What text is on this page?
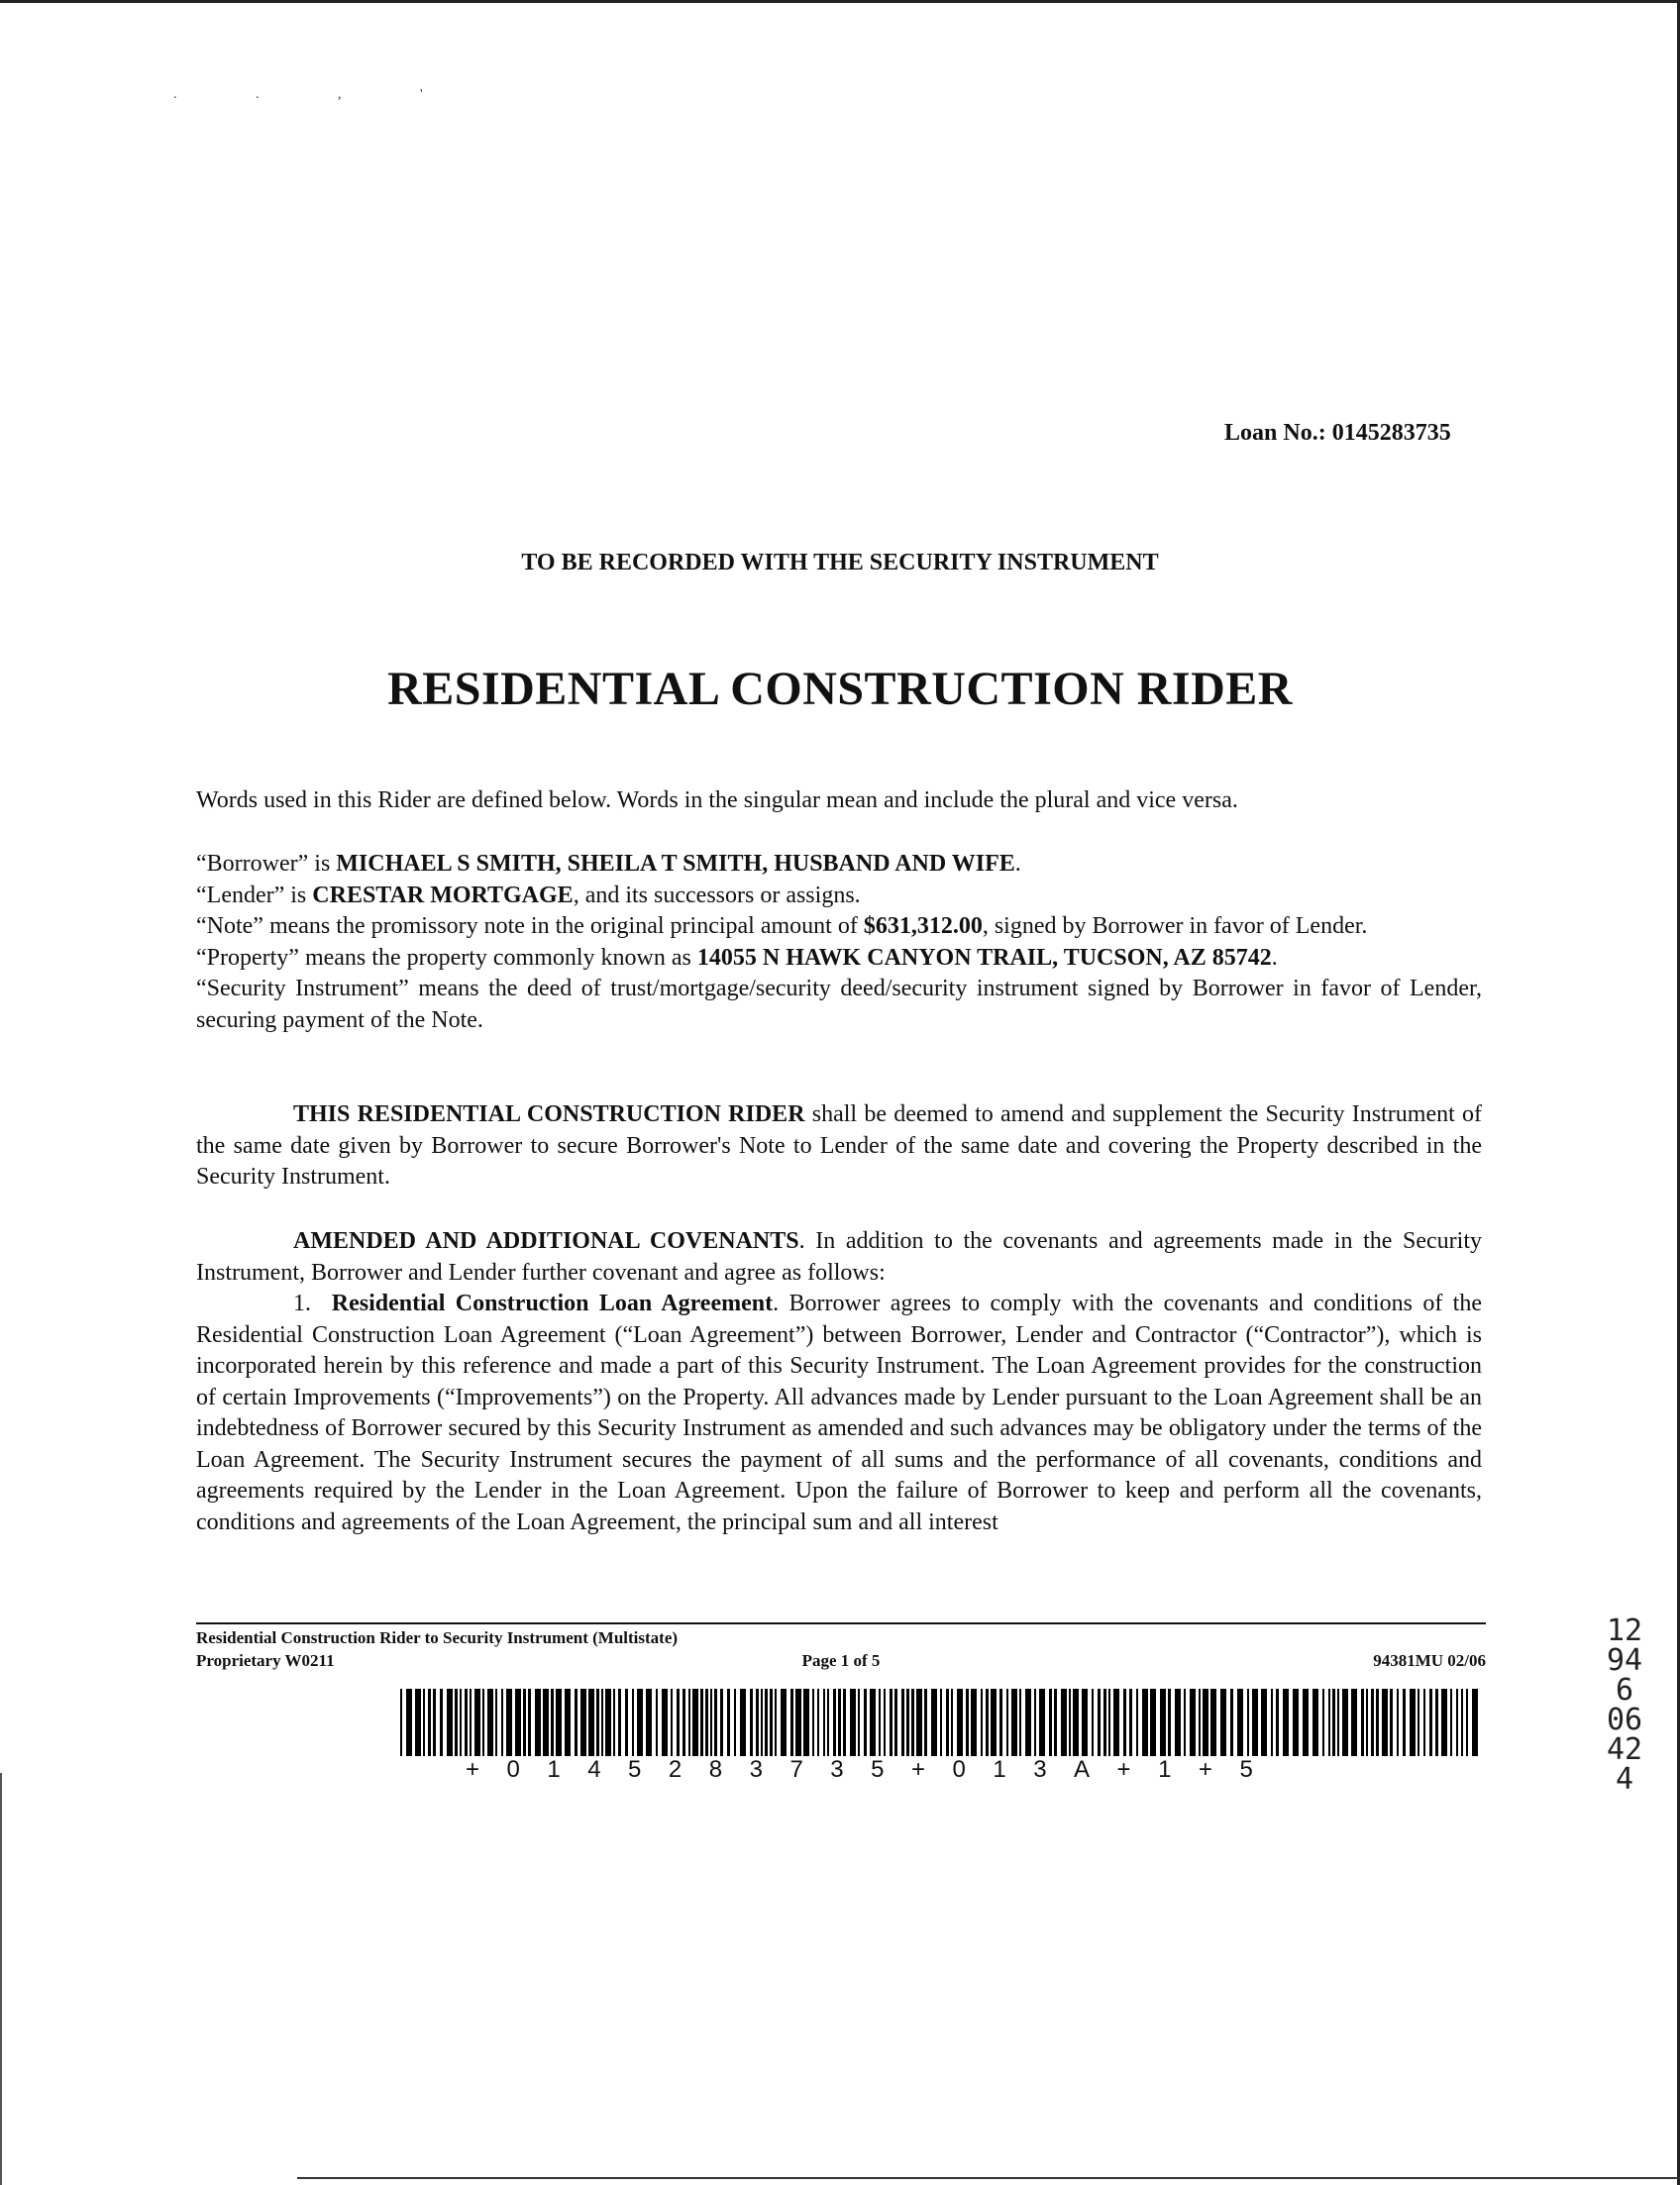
. . , '
Loan No.: 0145283735
TO BE RECORDED WITH THE SECURITY INSTRUMENT
RESIDENTIAL CONSTRUCTION RIDER
Words used in this Rider are defined below. Words in the singular mean and include the plural and vice versa.

“Borrower” is MICHAEL S SMITH, SHEILA T SMITH, HUSBAND AND WIFE.

“Lender” is CRESTAR MORTGAGE, and its successors or assigns.

“Note” means the promissory note in the original principal amount of $631,312.00, signed by Borrower in favor of Lender.

“Property” means the property commonly known as 14055 N HAWK CANYON TRAIL, TUCSON, AZ 85742.

“Security Instrument” means the deed of trust/mortgage/security deed/security instrument signed by Borrower in favor of Lender, securing payment of the Note.

THIS RESIDENTIAL CONSTRUCTION RIDER shall be deemed to amend and supplement the Security Instrument of the same date given by Borrower to secure Borrower's Note to Lender of the same date and covering the Property described in the Security Instrument.

AMENDED AND ADDITIONAL COVENANTS. In addition to the covenants and agreements made in the Security Instrument, Borrower and Lender further covenant and agree as follows:

1. Residential Construction Loan Agreement. Borrower agrees to comply with the covenants and conditions of the Residential Construction Loan Agreement (“Loan Agreement”) between Borrower, Lender and Contractor (“Contractor”), which is incorporated herein by this reference and made a part of this Security Instrument. The Loan Agreement provides for the construction of certain Improvements (“Improvements”) on the Property. All advances made by Lender pursuant to the Loan Agreement shall be an indebtedness of Borrower secured by this Security Instrument as amended and such advances may be obligatory under the terms of the Loan Agreement. The Security Instrument secures the payment of all sums and the performance of all covenants, conditions and agreements required by the Lender in the Loan Agreement. Upon the failure of Borrower to keep and perform all the covenants, conditions and agreements of the Loan Agreement, the principal sum and all interest

Residential Construction Rider to Security Instrument (Multistate)
Proprietary W0211	Page 1 of 5	94381MU 02/06
+0145283735+013A+1+5
12946 06424
